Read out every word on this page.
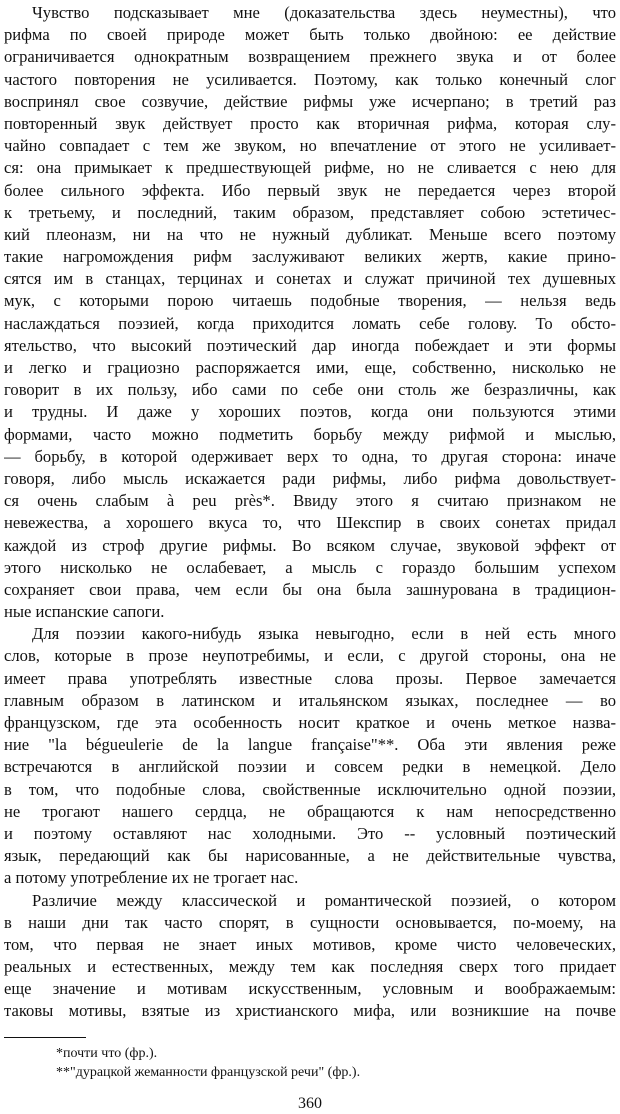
Чувство подсказывает мне (доказательства здесь неуместны), что
рифма по своей природе может быть только двойною: ее действие
ограничивается однократным возвращением прежнего звука и от более
частого повторения не усиливается. Поэтому, как только конечный слог
воспринял свое созвучие, действие рифмы уже исчерпано; в третий раз
повторенный звук действует просто как вторичная рифма, которая слу-
чайно совпадает с тем же звуком, но впечатление от этого не усиливает-
ся: она примыкает к предшествующей рифме, но не сливается с нею для
более сильного эффекта. Ибо первый звук не передается через второй
к третьему, и последний, таким образом, представляет собою эстетичес-
кий плеоназм, ни на что не нужный дубликат. Меньше всего поэтому
такие нагромождения рифм заслуживают великих жертв, какие прино-
сятся им в станцах, терцинах и сонетах и служат причиной тех душевных
мук, с которыми порою читаешь подобные творения, — нельзя ведь
наслаждаться поэзией, когда приходится ломать себе голову. То обсто-
ятельство, что высокий поэтический дар иногда побеждает и эти формы
и легко и грациозно распоряжается ими, еще, собственно, нисколько не
говорит в их пользу, ибо сами по себе они столь же безразличны, как
и трудны. И даже у хороших поэтов, когда они пользуются этими
формами, часто можно подметить борьбу между рифмой и мыслью,
— борьбу, в которой одерживает верх то одна, то другая сторона: иначе
говоря, либо мысль искажается ради рифмы, либо рифма довольствует-
ся очень слабым à peu près*. Ввиду этого я считаю признаком не
невежества, а хорошего вкуса то, что Шекспир в своих сонетах придал
каждой из строф другие рифмы. Во всяком случае, звуковой эффект от
этого нисколько не ослабевает, а мысль с гораздо большим успехом
сохраняет свои права, чем если бы она была зашнурована в традицион-
ные испанские сапоги.
Для поэзии какого-нибудь языка невыгодно, если в ней есть много
слов, которые в прозе неупотребимы, и если, с другой стороны, она не
имеет права употреблять известные слова прозы. Первое замечается
главным образом в латинском и итальянском языках, последнее — во
французском, где эта особенность носит краткое и очень меткое назва-
ние "la bégueulerie de la langue française"**. Оба эти явления реже
встречаются в английской поэзии и совсем редки в немецкой. Дело
в том, что подобные слова, свойственные исключительно одной поэзии,
не трогают нашего сердца, не обращаются к нам непосредственно
и поэтому оставляют нас холодными. Это -- условный поэтический
язык, передающий как бы нарисованные, а не действительные чувства,
а потому употребление их не трогает нас.
Различие между классической и романтической поэзией, о котором
в наши дни так часто спорят, в сущности основывается, по-моему, на
том, что первая не знает иных мотивов, кроме чисто человеческих,
реальных и естественных, между тем как последняя сверх того придает
еще значение и мотивам искусственным, условным и воображаемым:
таковы мотивы, взятые из христианского мифа, или возникшие на почве
*почти что (фр.).
**"дурацкой жеманности французской речи" (фр.).
360
